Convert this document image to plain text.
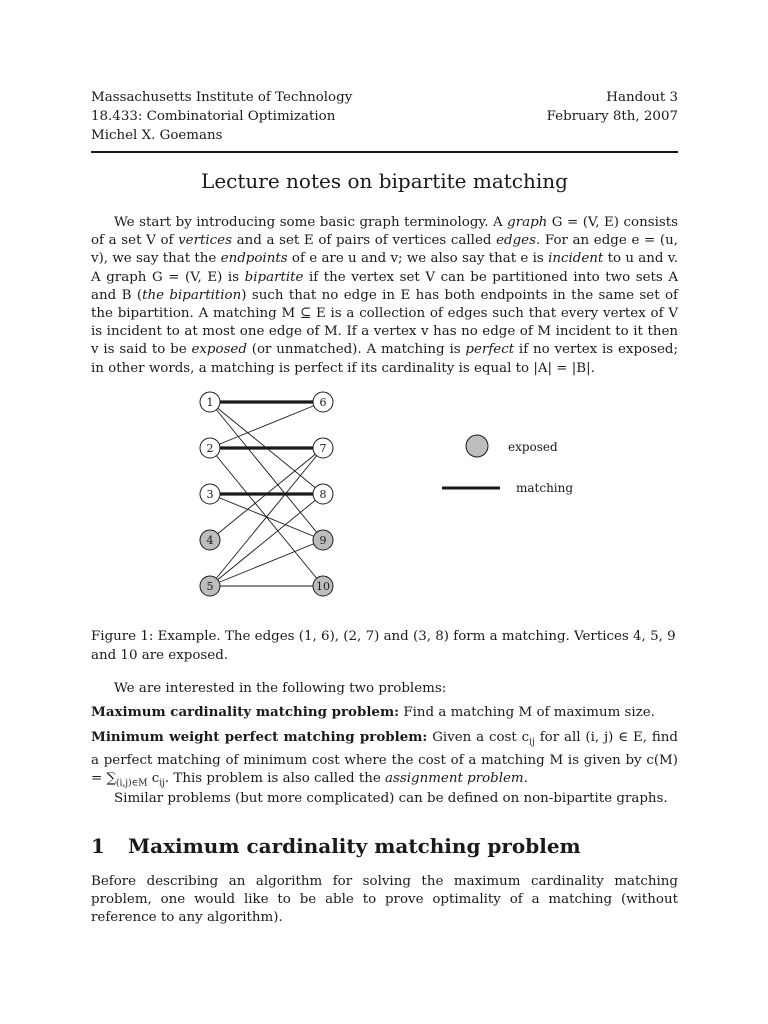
Massachusetts Institute of Technology
18.433: Combinatorial Optimization
Michel X. Goemans
Handout 3
February 8th, 2007
Lecture notes on bipartite matching
We start by introducing some basic graph terminology. A graph G = (V, E) consists of a set V of vertices and a set E of pairs of vertices called edges. For an edge e = (u, v), we say that the endpoints of e are u and v; we also say that e is incident to u and v. A graph G = (V, E) is bipartite if the vertex set V can be partitioned into two sets A and B (the bipartition) such that no edge in E has both endpoints in the same set of the bipartition. A matching M ⊆ E is a collection of edges such that every vertex of V is incident to at most one edge of M. If a vertex v has no edge of M incident to it then v is said to be exposed (or unmatched). A matching is perfect if no vertex is exposed; in other words, a matching is perfect if its cardinality is equal to |A| = |B|.
1
2
3
4
5
6
7
8
9
10
exposed
matching
Figure 1: Example. The edges (1, 6), (2, 7) and (3, 8) form a matching. Vertices 4, 5, 9 and 10 are exposed.
We are interested in the following two problems:
Maximum cardinality matching problem: Find a matching M of maximum size.
Minimum weight perfect matching problem: Given a cost $c_{ij}$ for all (i, j) ∈ E, find a perfect matching of minimum cost where the cost of a matching M is given by $c(M) = \sum_{(i,j)\in M}$ $c_{ij}$. This problem is also called the assignment problem.
Similar problems (but more complicated) can be defined on non-bipartite graphs.
1 Maximum cardinality matching problem
Before describing an algorithm for solving the maximum cardinality matching problem, one would like to be able to prove optimality of a matching (without reference to any algorithm).
